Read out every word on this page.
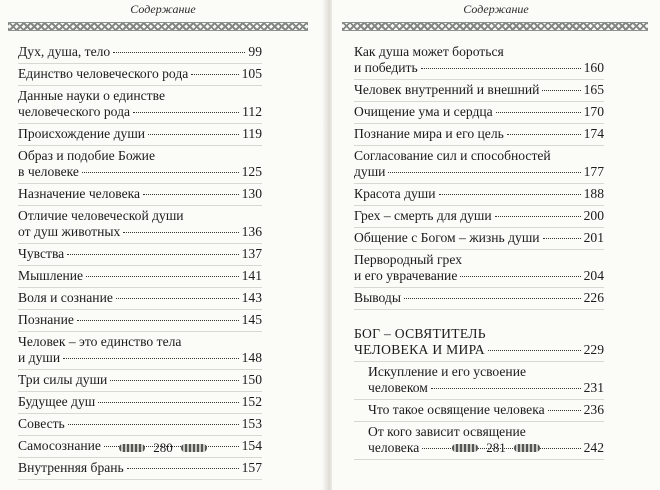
Содержание
Дух, душа, тело	99
Единство человеческого рода	105
Данные науки о единстве
человеческого рода	112
Происхождение души	119
Образ и подобие Божие
в человеке	125
Назначение человека	130
Отличие человеческой души
от душ животных	136
Чувства	137
Мышление	141
Воля и сознание	143
Познание	145
Человек – это единство тела
и души	148
Три силы души	150
Будущее душ	152
Совесть	153
Самосознание	154
Внутренняя брань	157
280
Содержание
Как душа может бороться
и победить	160
Человек внутренний и внешний	165
Очищение ума и сердца	170
Познание мира и его цель	174
Согласование сил и способностей
души	177
Красота души	188
Грех – смерть для души	200
Общение с Богом – жизнь души	201
Первородный грех
и его уврачевание	204
Выводы	226
БОГ – ОСВЯТИТЕЛЬ
ЧЕЛОВЕКА И МИРА	229
Искупление и его усвоение
человеком	231
Что такое освящение человека	236
От кого зависит освящение
человека	242
281
